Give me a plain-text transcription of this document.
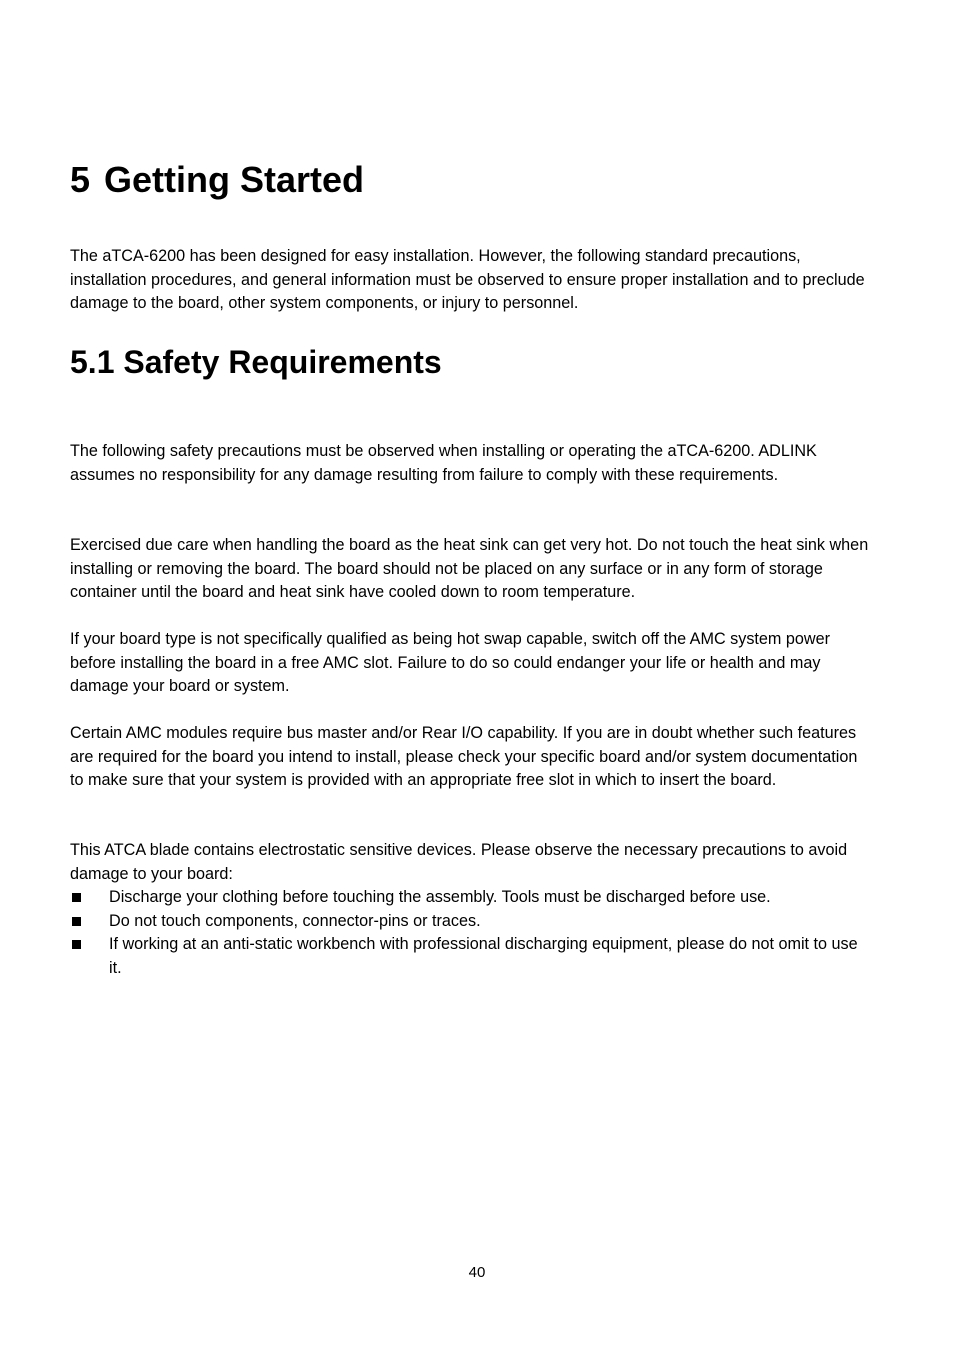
5 Getting Started

The aTCA-6200 has been designed for easy installation. However, the following standard precautions, installation procedures, and general information must be observed to ensure proper installation and to preclude damage to the board, other system components, or injury to personnel.

5.1 Safety Requirements

The following safety precautions must be observed when installing or operating the aTCA-6200. ADLINK assumes no responsibility for any damage resulting from failure to comply with these requirements.

Exercised due care when handling the board as the heat sink can get very hot. Do not touch the heat sink when installing or removing the board. The board should not be placed on any surface or in any form of storage container until the board and heat sink have cooled down to room temperature.

If your board type is not specifically qualified as being hot swap capable, switch off the AMC system power before installing the board in a free AMC slot. Failure to do so could endanger your life or health and may damage your board or system.

Certain AMC modules require bus master and/or Rear I/O capability. If you are in doubt whether such features are required for the board you intend to install, please check your specific board and/or system documentation to make sure that your system is provided with an appropriate free slot in which to insert the board.

This ATCA blade contains electrostatic sensitive devices. Please observe the necessary precautions to avoid damage to your board:

Discharge your clothing before touching the assembly. Tools must be discharged before use.
Do not touch components, connector-pins or traces.
If working at an anti-static workbench with professional discharging equipment, please do not omit to use it.
40
